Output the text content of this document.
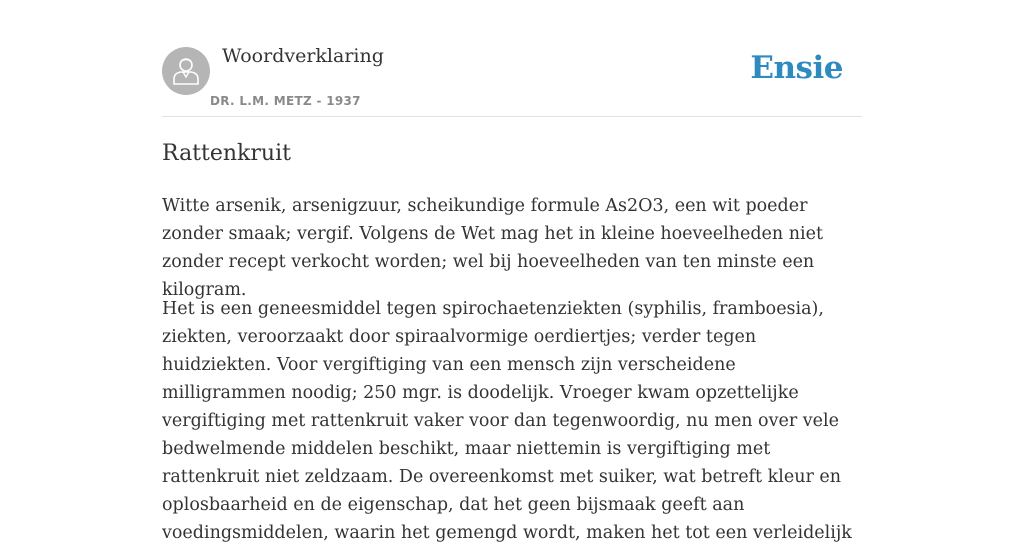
Woordverklaring
DR. L.M. METZ - 1937
Ensie
Rattenkruit

Witte arsenik, arsenigzuur, scheikundige formule As2O3, een wit poeder zonder smaak; vergif. Volgens de Wet mag het in kleine hoeveelheden niet zonder recept verkocht worden; wel bij hoeveelheden van ten minste een kilogram.

Het is een geneesmiddel tegen spirochaetenziekten (syphilis, framboesia), ziekten, veroorzaakt door spiraalvormige oerdiertjes; verder tegen huidziekten. Voor vergiftiging van een mensch zijn verscheidene milligrammen noodig; 250 mgr. is doodelijk. Vroeger kwam opzettelijke vergiftiging met rattenkruit vaker voor dan tegenwoordig, nu men over vele bedwelmende middelen beschikt, maar niettemin is vergiftiging met rattenkruit niet zeldzaam. De overeenkomst met suiker, wat betreft kleur en oplosbaarheid en de eigenschap, dat het geen bijsmaak geeft aan voedingsmiddelen, waarin het gemengd wordt, maken het tot een verleidelijk
